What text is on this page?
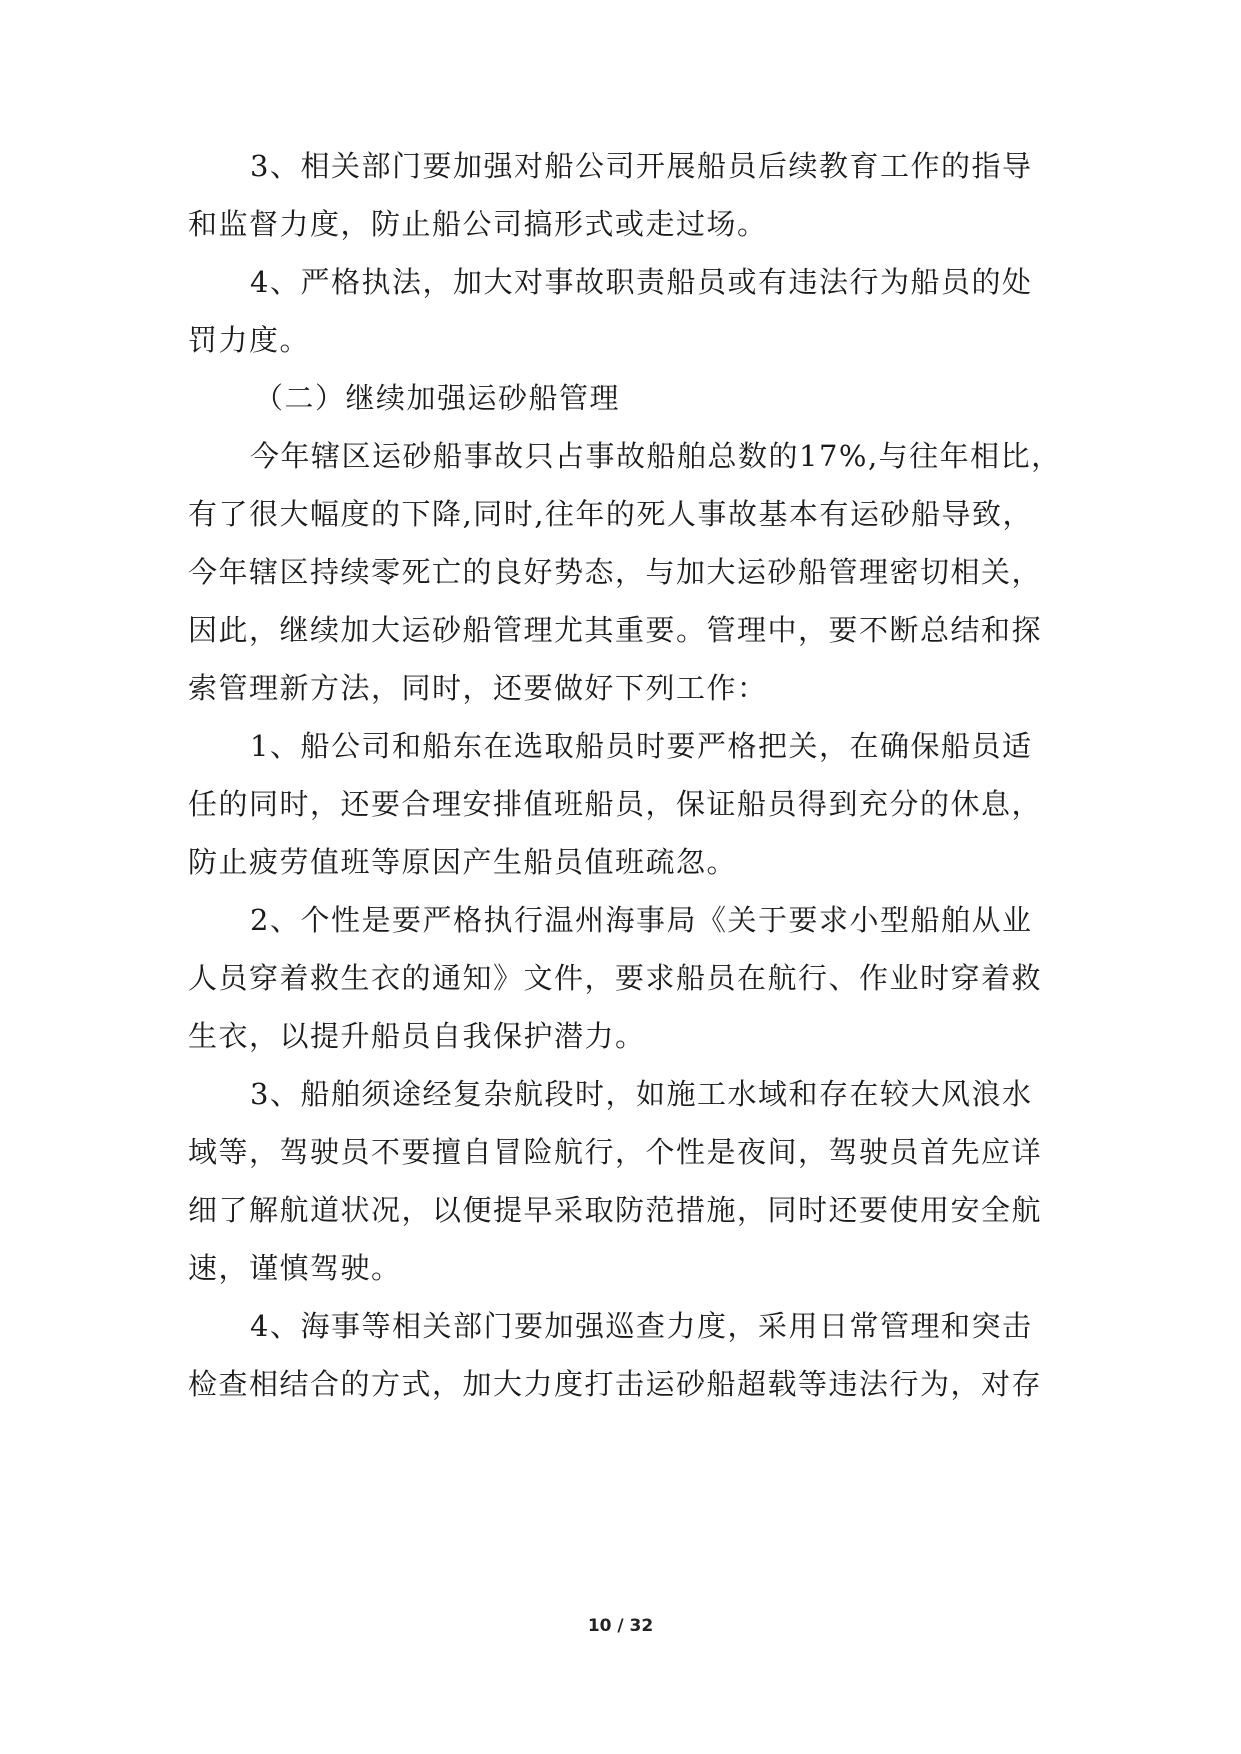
3、相关部门要加强对船公司开展船员后续教育工作的指导
和监督力度，防止船公司搞形式或走过场。
4、严格执法，加大对事故职责船员或有违法行为船员的处
罚力度。
（二）继续加强运砂船管理
今年辖区运砂船事故只占事故船舶总数的17%,与往年相比，
有了很大幅度的下降,同时,往年的死人事故基本有运砂船导致，
今年辖区持续零死亡的良好势态，与加大运砂船管理密切相关，
因此，继续加大运砂船管理尤其重要。管理中，要不断总结和探
索管理新方法，同时，还要做好下列工作：
1、船公司和船东在选取船员时要严格把关，在确保船员适
任的同时，还要合理安排值班船员，保证船员得到充分的休息，
防止疲劳值班等原因产生船员值班疏忽。
2、个性是要严格执行温州海事局《关于要求小型船舶从业
人员穿着救生衣的通知》文件，要求船员在航行、作业时穿着救
生衣，以提升船员自我保护潜力。
3、船舶须途经复杂航段时，如施工水域和存在较大风浪水
域等，驾驶员不要擅自冒险航行，个性是夜间，驾驶员首先应详
细了解航道状况，以便提早采取防范措施，同时还要使用安全航
速，谨慎驾驶。
4、海事等相关部门要加强巡查力度，采用日常管理和突击
检查相结合的方式，加大力度打击运砂船超载等违法行为，对存
10 / 32
